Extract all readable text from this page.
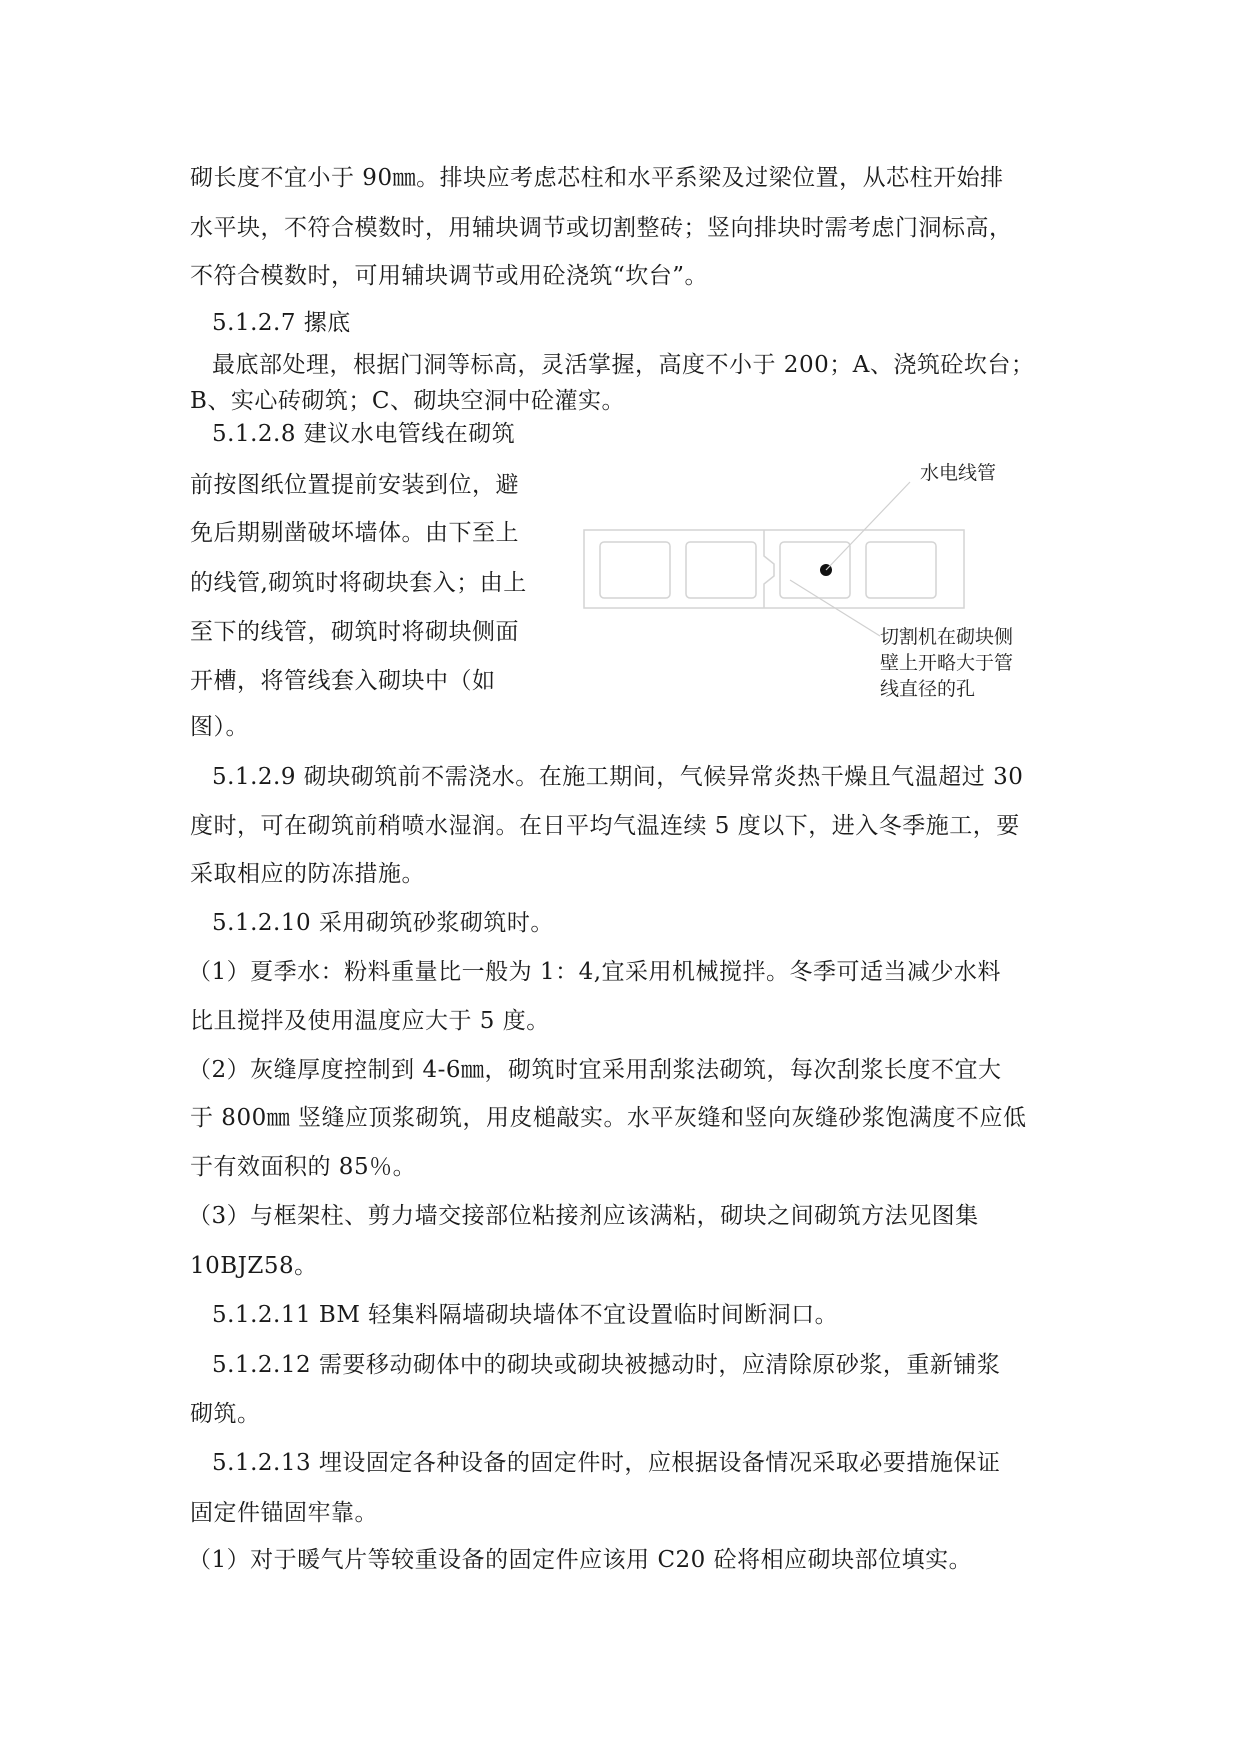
砌长度不宜小于 90㎜。排块应考虑芯柱和水平系梁及过梁位置，从芯柱开始排
水平块，不符合模数时，用辅块调节或切割整砖；竖向排块时需考虑门洞标高，
不符合模数时，可用辅块调节或用砼浇筑“坎台”。
5.1.2.7 摞底
最底部处理，根据门洞等标高，灵活掌握，高度不小于 200；A、浇筑砼坎台；
B、实心砖砌筑；C、砌块空洞中砼灌实。
5.1.2.8 建议水电管线在砌筑
前按图纸位置提前安装到位，避
免后期剔凿破坏墙体。由下至上
的线管,砌筑时将砌块套入；由上
至下的线管，砌筑时将砌块侧面
开槽，将管线套入砌块中（如
图）。
水电线管
切割机在砌块侧
壁上开略大于管
线直径的孔
5.1.2.9 砌块砌筑前不需浇水。在施工期间，气候异常炎热干燥且气温超过 30
度时，可在砌筑前稍喷水湿润。在日平均气温连续 5 度以下，进入冬季施工，要
采取相应的防冻措施。
5.1.2.10 采用砌筑砂浆砌筑时。
（1）夏季水：粉料重量比一般为 1：4,宜采用机械搅拌。冬季可适当减少水料
比且搅拌及使用温度应大于 5 度。
（2）灰缝厚度控制到 4-6㎜，砌筑时宜采用刮浆法砌筑，每次刮浆长度不宜大
于 800㎜ 竖缝应顶浆砌筑，用皮槌敲实。水平灰缝和竖向灰缝砂浆饱满度不应低
于有效面积的 85％。
（3）与框架柱、剪力墙交接部位粘接剂应该满粘，砌块之间砌筑方法见图集
10BJZ58。
5.1.2.11 BM 轻集料隔墙砌块墙体不宜设置临时间断洞口。
5.1.2.12 需要移动砌体中的砌块或砌块被撼动时，应清除原砂浆，重新铺浆
砌筑。
5.1.2.13 埋设固定各种设备的固定件时，应根据设备情况采取必要措施保证
固定件锚固牢靠。
（1）对于暖气片等较重设备的固定件应该用 C20 砼将相应砌块部位填实。
